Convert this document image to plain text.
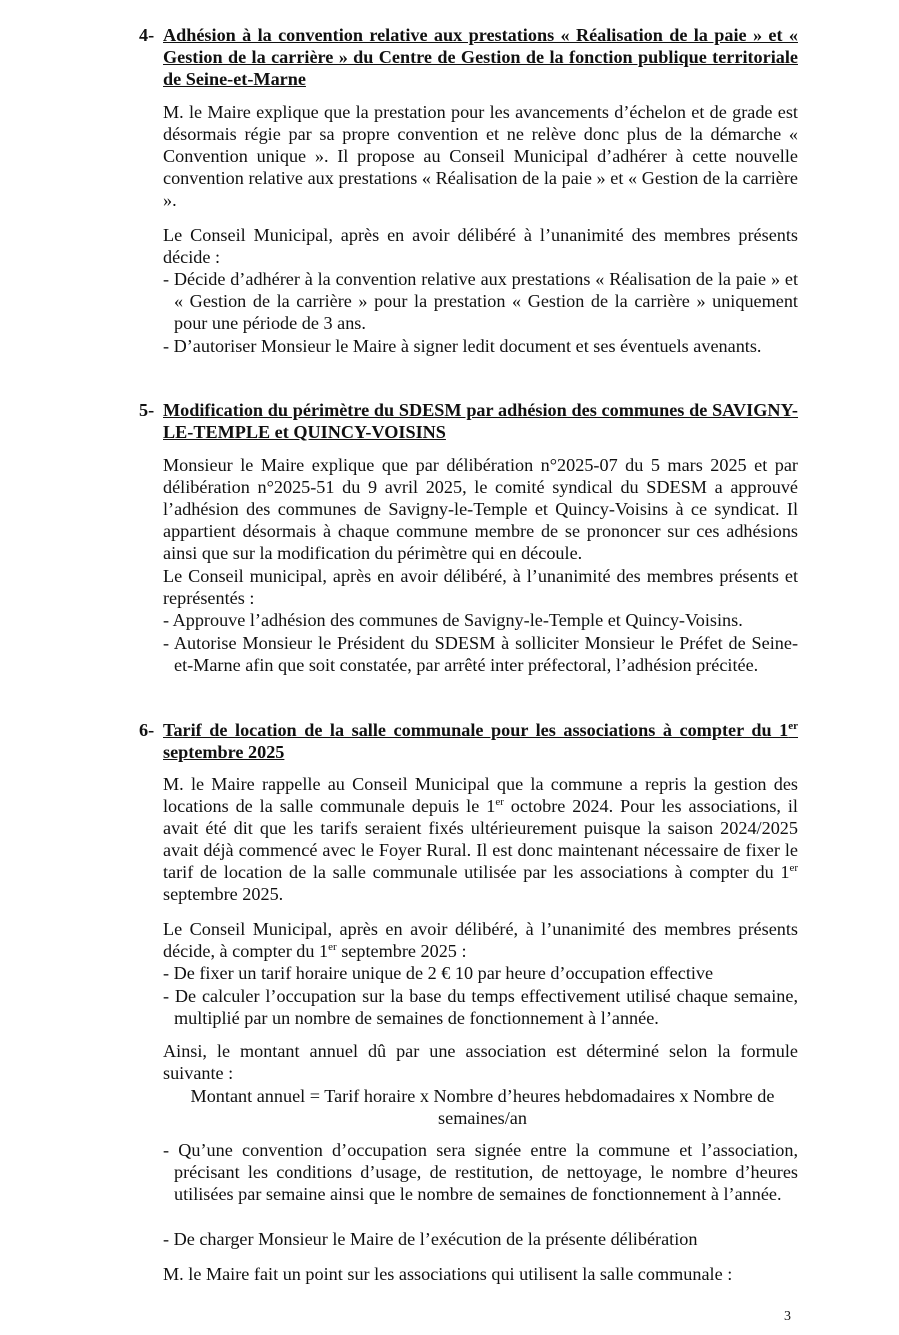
4- Adhésion à la convention relative aux prestations « Réalisation de la paie » et « Gestion de la carrière » du Centre de Gestion de la fonction publique territoriale de Seine-et-Marne

M. le Maire explique que la prestation pour les avancements d’échelon et de grade est désormais régie par sa propre convention et ne relève donc plus de la démarche « Convention unique ». Il propose au Conseil Municipal d’adhérer à cette nouvelle convention relative aux prestations « Réalisation de la paie » et « Gestion de la carrière ».

Le Conseil Municipal, après en avoir délibéré à l’unanimité des membres présents décide :

- Décide d’adhérer à la convention relative aux prestations « Réalisation de la paie » et « Gestion de la carrière » pour la prestation « Gestion de la carrière » uniquement pour une période de 3 ans.
- D’autoriser Monsieur le Maire à signer ledit document et ses éventuels avenants.
5- Modification du périmètre du SDESM par adhésion des communes de SAVIGNY-LE-TEMPLE et QUINCY-VOISINS

Monsieur le Maire explique que par délibération n°2025-07 du 5 mars 2025 et par délibération n°2025-51 du 9 avril 2025, le comité syndical du SDESM a approuvé l’adhésion des communes de Savigny-le-Temple et Quincy-Voisins à ce syndicat. Il appartient désormais à chaque commune membre de se prononcer sur ces adhésions ainsi que sur la modification du périmètre qui en découle.

Le Conseil municipal, après en avoir délibéré, à l’unanimité des membres présents et représentés :

- Approuve l’adhésion des communes de Savigny-le-Temple et Quincy-Voisins.
- Autorise Monsieur le Président du SDESM à solliciter Monsieur le Préfet de Seine-et-Marne afin que soit constatée, par arrêté inter préfectoral, l’adhésion précitée.
6- Tarif de location de la salle communale pour les associations à compter du 1er septembre 2025

M. le Maire rappelle au Conseil Municipal que la commune a repris la gestion des locations de la salle communale depuis le 1er octobre 2024. Pour les associations, il avait été dit que les tarifs seraient fixés ultérieurement puisque la saison 2024/2025 avait déjà commencé avec le Foyer Rural. Il est donc maintenant nécessaire de fixer le tarif de location de la salle communale utilisée par les associations à compter du 1er septembre 2025.

Le Conseil Municipal, après en avoir délibéré, à l’unanimité des membres présents décide, à compter du 1er septembre 2025 :

- De fixer un tarif horaire unique de 2 € 10 par heure d’occupation effective
- De calculer l’occupation sur la base du temps effectivement utilisé chaque semaine, multiplié par un nombre de semaines de fonctionnement à l’année.

Ainsi, le montant annuel dû par une association est déterminé selon la formule suivante :

Montant annuel = Tarif horaire x Nombre d’heures hebdomadaires x Nombre de semaines/an
- Qu’une convention d’occupation sera signée entre la commune et l’association, précisant les conditions d’usage, de restitution, de nettoyage, le nombre d’heures utilisées par semaine ainsi que le nombre de semaines de fonctionnement à l’année.
- De charger Monsieur le Maire de l’exécution de la présente délibération

M. le Maire fait un point sur les associations qui utilisent la salle communale :

3
